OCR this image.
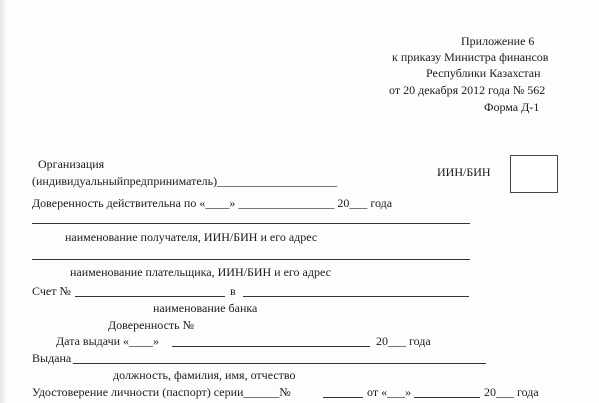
Приложение 6
к приказу Министра финансов
Республики Казахстан
от 20 декабря 2012 года № 562
Форма Д-1
Организация
(индивидуальныйпредприниматель)____________________
ИИН/БИН
Доверенность действительна по «____» ________________ 20___ года
наименование получателя, ИИН/БИН и его адрес
наименование плательщика, ИИН/БИН и его адрес
Счет №	в
наименование банка
Доверенность №
Дата выдачи «____»	20___ года
Выдана
должность, фамилия, имя, отчество
Удостоверение личности (паспорт) серии______№	от «___»	20___ года
